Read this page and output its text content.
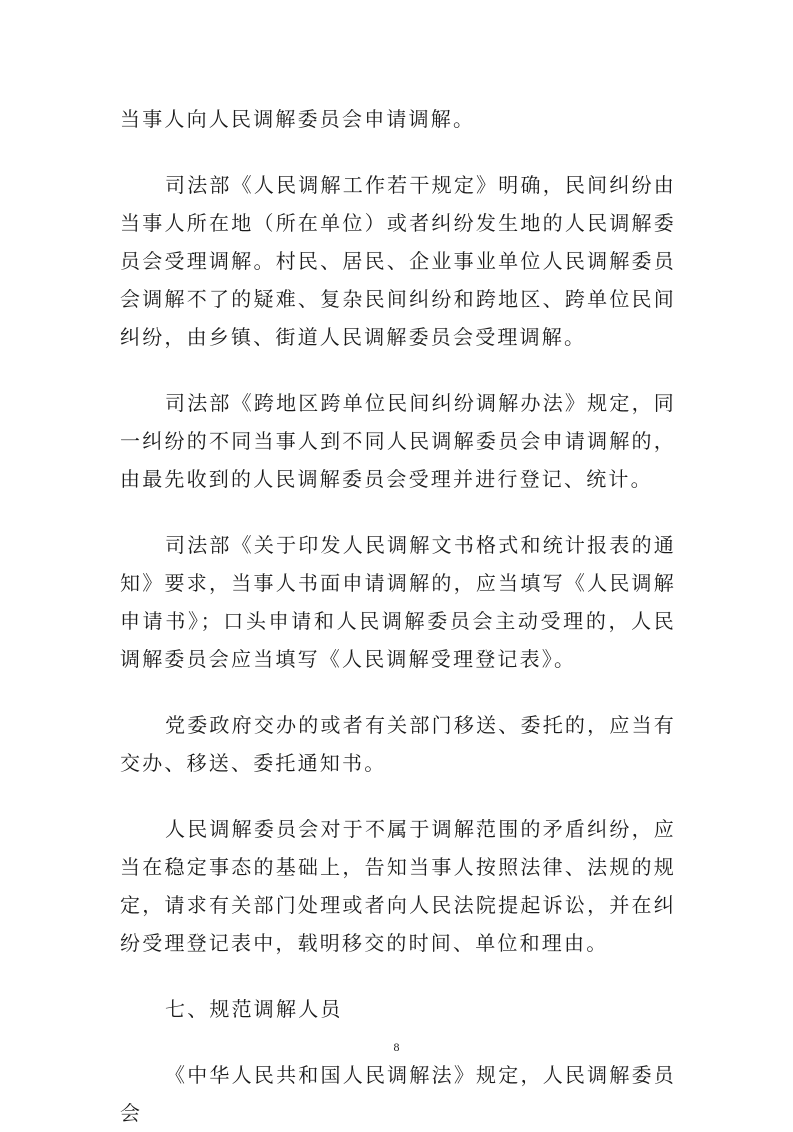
当事人向人民调解委员会申请调解。

司法部《人民调解工作若干规定》明确，民间纠纷由当事人所在地（所在单位）或者纠纷发生地的人民调解委员会受理调解。村民、居民、企业事业单位人民调解委员会调解不了的疑难、复杂民间纠纷和跨地区、跨单位民间纠纷，由乡镇、街道人民调解委员会受理调解。

司法部《跨地区跨单位民间纠纷调解办法》规定，同一纠纷的不同当事人到不同人民调解委员会申请调解的，由最先收到的人民调解委员会受理并进行登记、统计。

司法部《关于印发人民调解文书格式和统计报表的通知》要求，当事人书面申请调解的，应当填写《人民调解申请书》；口头申请和人民调解委员会主动受理的，人民调解委员会应当填写《人民调解受理登记表》。

党委政府交办的或者有关部门移送、委托的，应当有交办、移送、委托通知书。

人民调解委员会对于不属于调解范围的矛盾纠纷，应当在稳定事态的基础上，告知当事人按照法律、法规的规定，请求有关部门处理或者向人民法院提起诉讼，并在纠纷受理登记表中，载明移交的时间、单位和理由。

七、规范调解人员

《中华人民共和国人民调解法》规定，人民调解委员会

8
